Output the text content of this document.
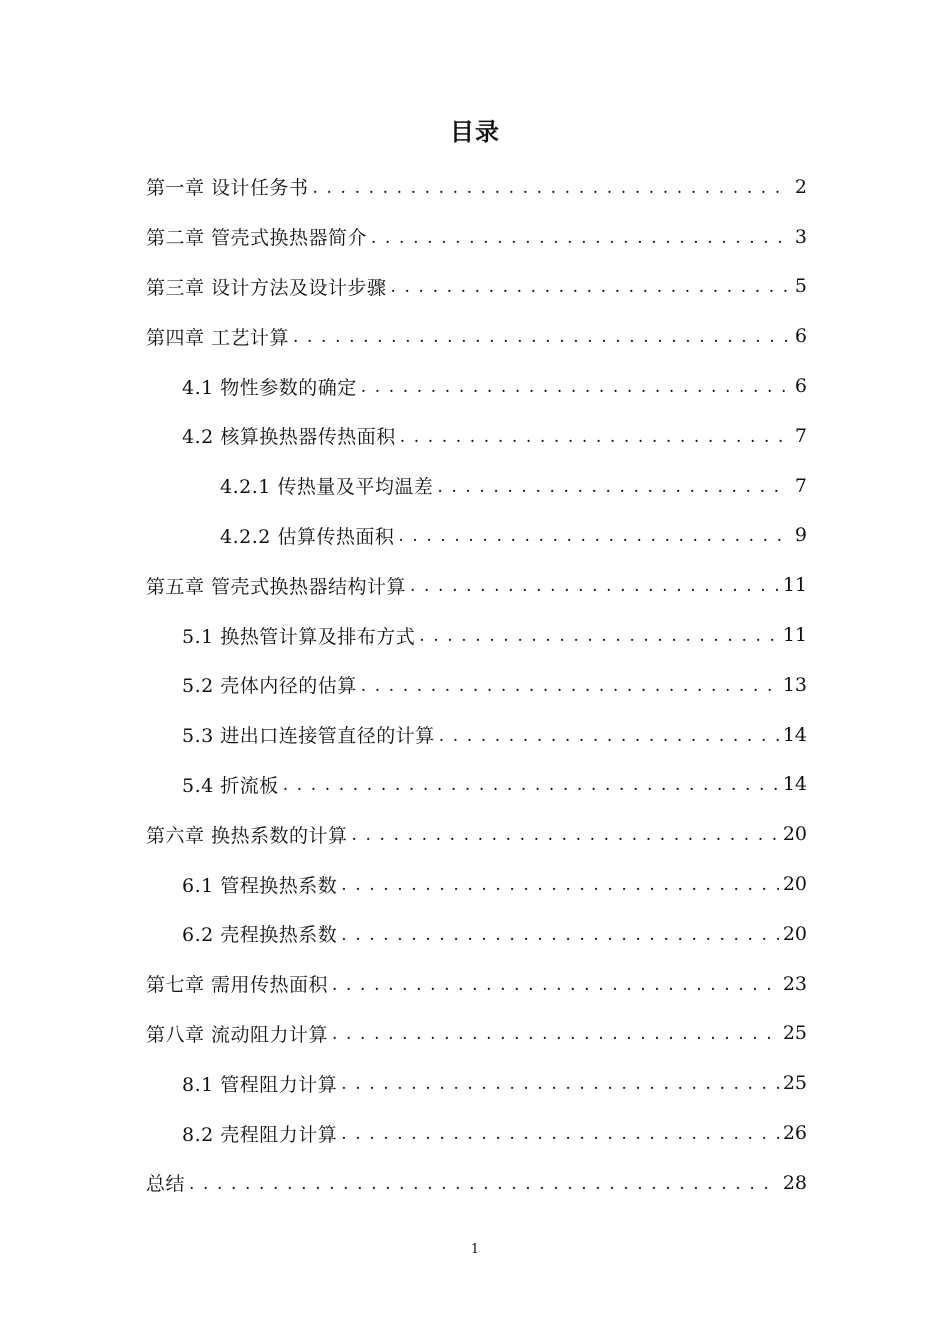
目录
第一章 设计任务书 . . .	2
第二章 管壳式换热器简介 . . .	3
第三章 设计方法及设计步骤 . . .	5
第四章 工艺计算 . . .	6
4.1 物性参数的确定 . . .	6
4.2 核算换热器传热面积 . . .	7
4.2.1 传热量及平均温差 . . .	7
4.2.2 估算传热面积 . . .	9
第五章 管壳式换热器结构计算 . . .	11
5.1 换热管计算及排布方式 . . .	11
5.2 壳体内径的估算 . . .	13
5.3 进出口连接管直径的计算 . . .	14
5.4 折流板 . . .	14
第六章 换热系数的计算 . . .	20
6.1 管程换热系数 . . .	20
6.2 壳程换热系数 . . .	20
第七章 需用传热面积 . . .	23
第八章 流动阻力计算 . . .	25
8.1 管程阻力计算 . . .	25
8.2 壳程阻力计算 . . .	26
总结 . . .	28
1
